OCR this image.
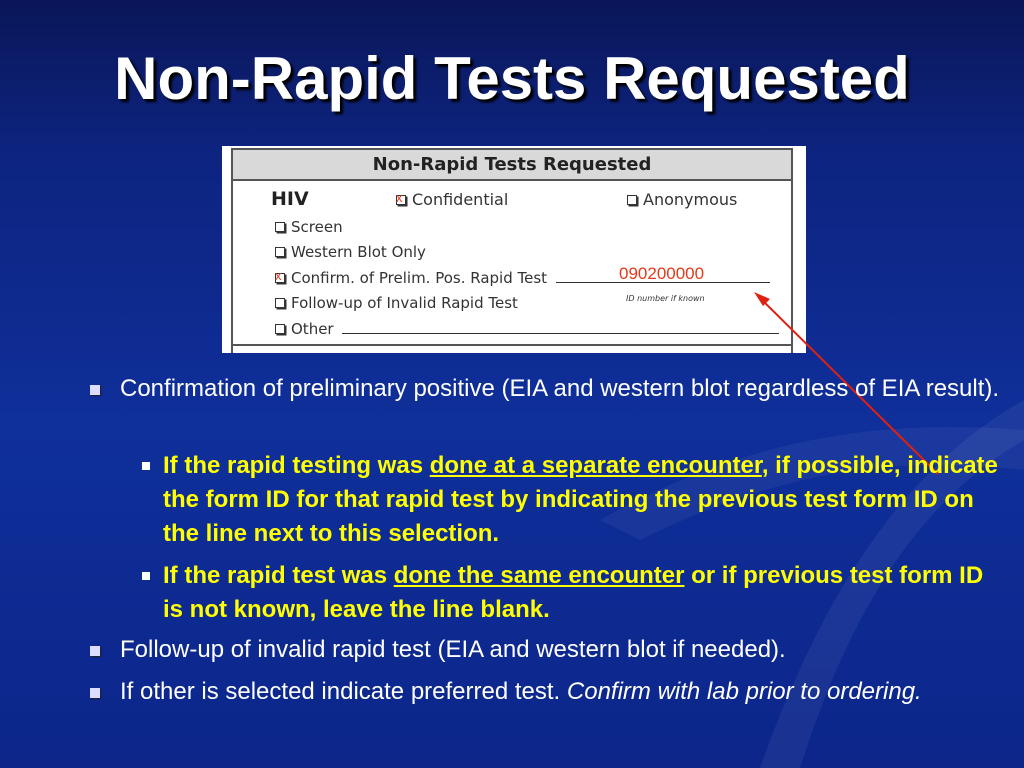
Non-Rapid Tests Requested
Non-Rapid Tests Requested
HIV	x Confidential	Anonymous
Screen
Western Blot Only
x Confirm. of Prelim. Pos. Rapid Test	090200000
ID number if known
Follow-up of Invalid Rapid Test
Other
Confirmation of preliminary positive (EIA and western blot regardless of EIA result).
If the rapid testing was done at a separate encounter, if possible, indicate the form ID for that rapid test by indicating the previous test form ID on the line next to this selection.
If the rapid test was done the same encounter or if previous test form ID is not known, leave the line blank.
Follow-up of invalid rapid test (EIA and western blot if needed).
If other is selected indicate preferred test. Confirm with lab prior to ordering.
